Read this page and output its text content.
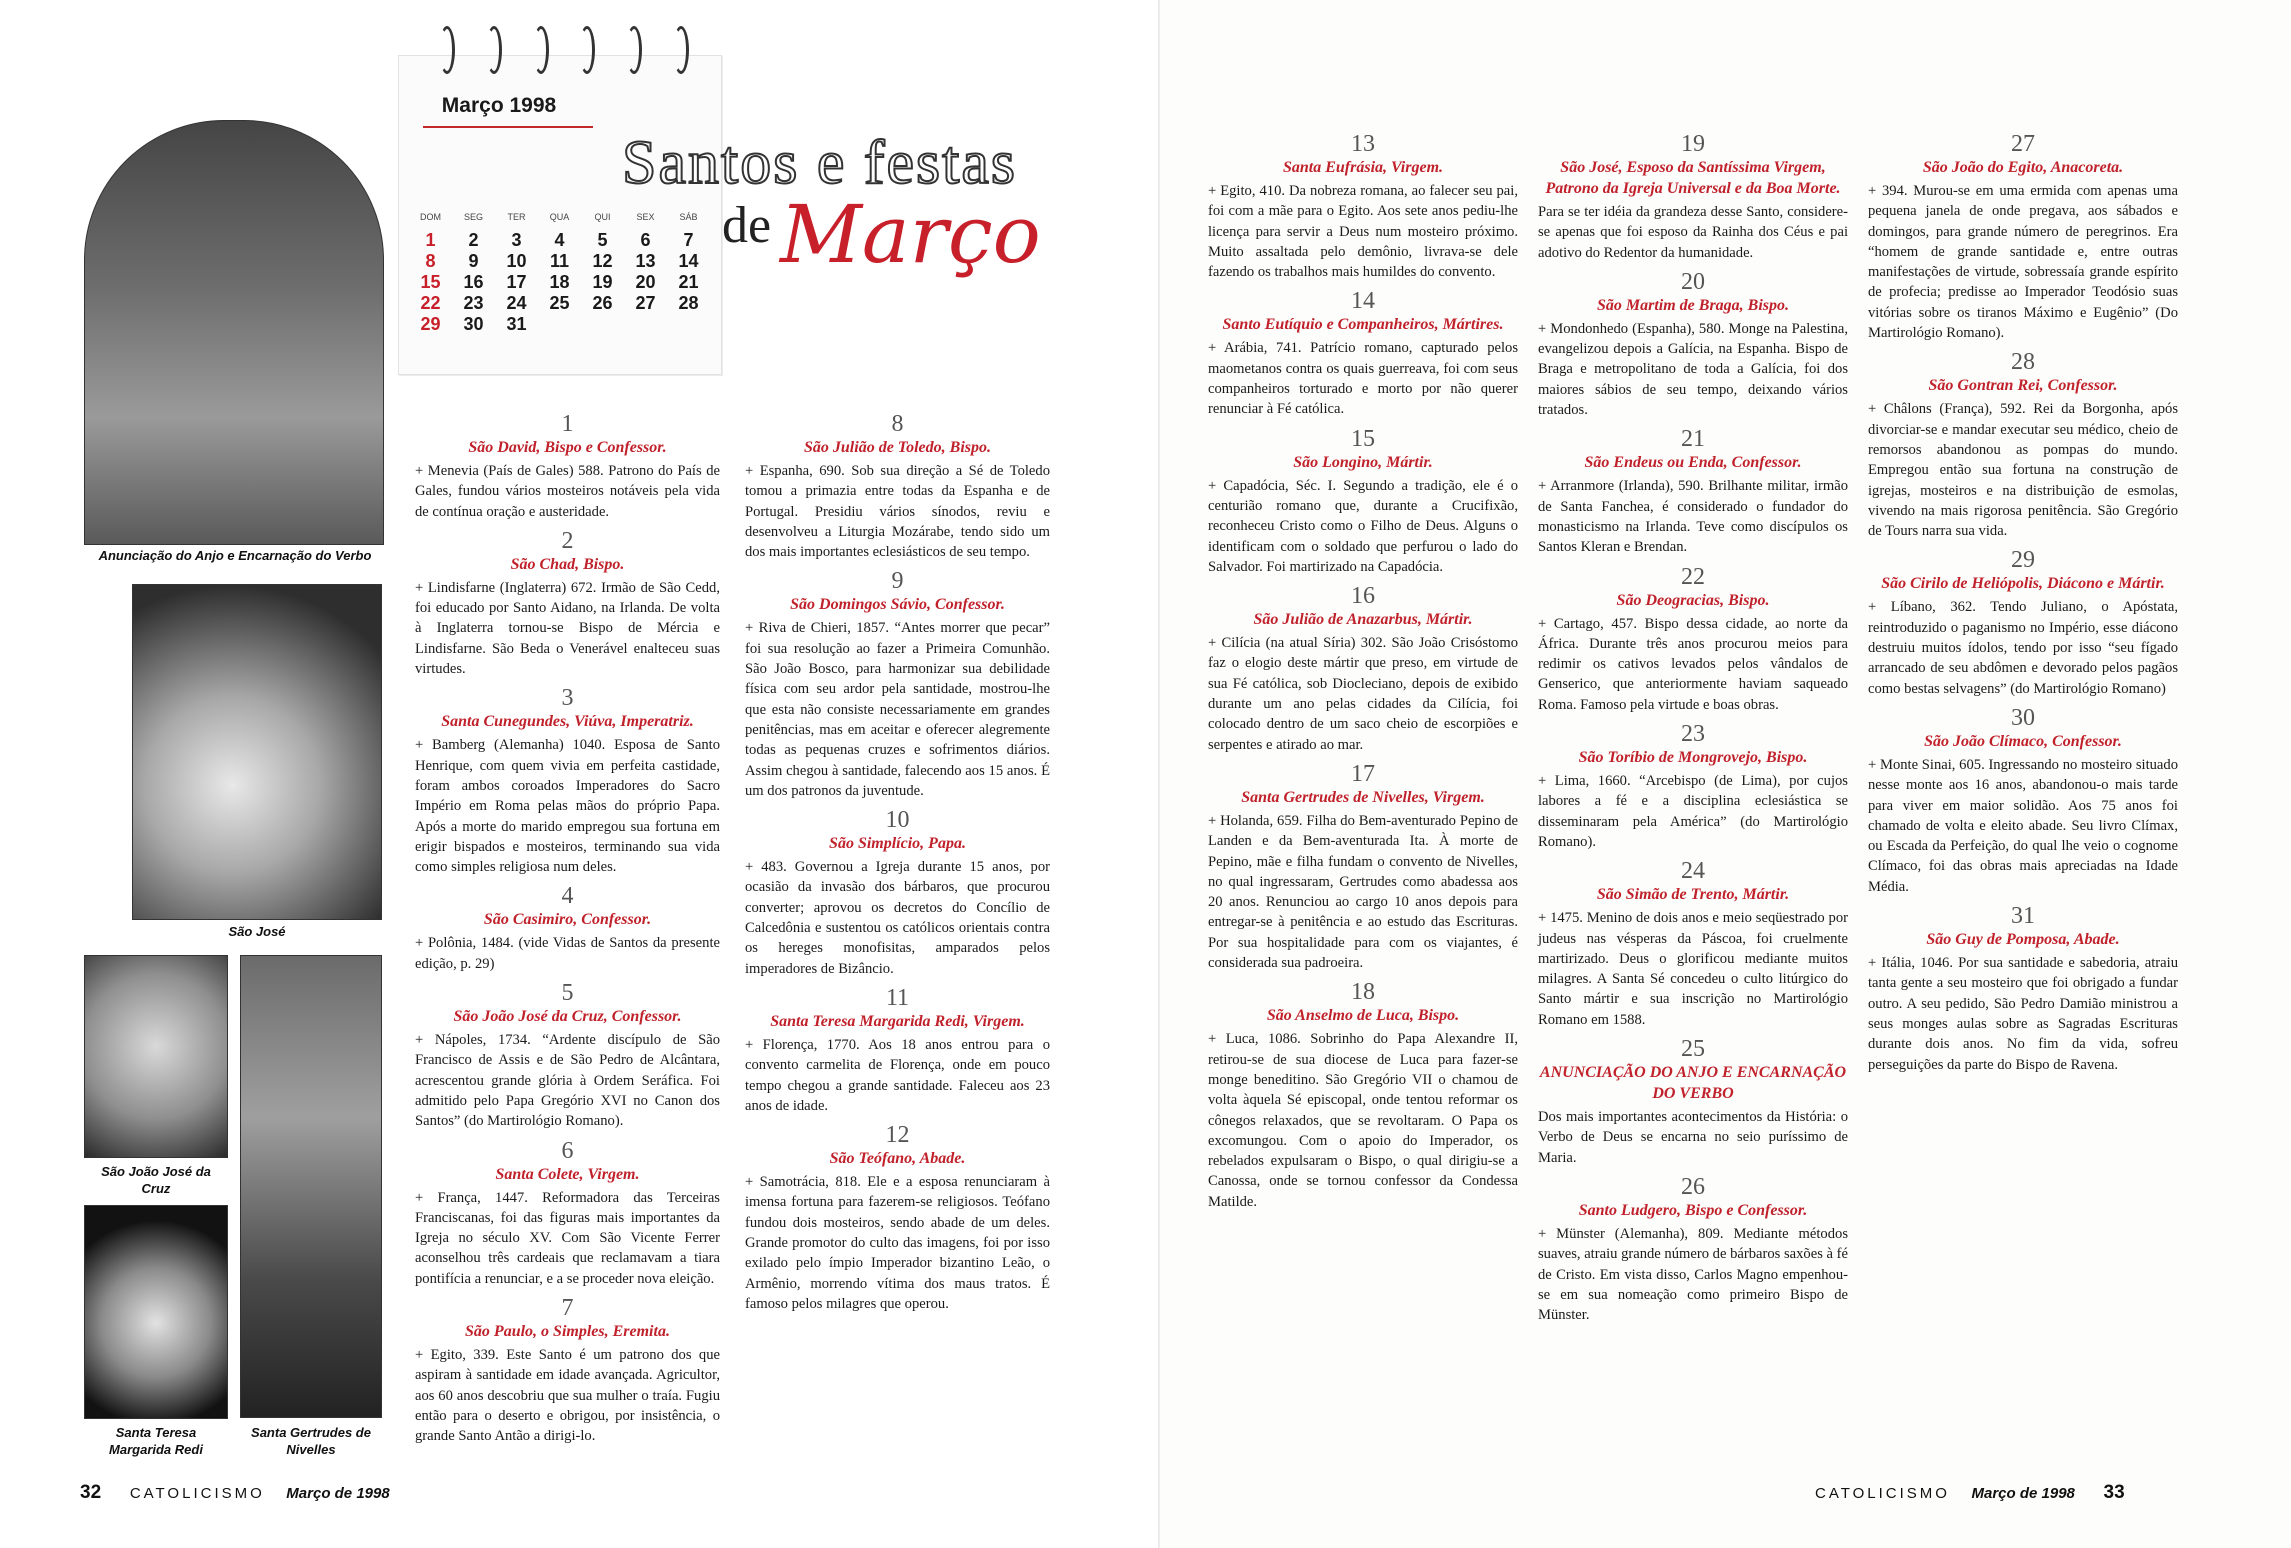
Março 1998
DOM	SEG	TER	QUA	QUI	SEX	SÁB
1	2	3	4	5	6	7
8	9	10	11	12	13	14
15	16	17	18	19	20	21
22	23	24	25	26	27	28
29	30	31
Santos e festas
de Março
Anunciação do Anjo e Encarnação do Verbo
São José
São João José da Cruz
Santa Teresa Margarida Redi
Santa Gertrudes de Nivelles
1
São David, Bispo e Confessor.
+ Menevia (País de Gales) 588. Patrono do País de Gales, fundou vários mosteiros notáveis pela vida de contínua oração e austeridade.
2
São Chad, Bispo.
+ Lindisfarne (Inglaterra) 672. Irmão de São Cedd, foi educado por Santo Aidano, na Irlanda. De volta à Inglaterra tornou-se Bispo de Mércia e Lindisfarne. São Beda o Venerável enalteceu suas virtudes.
3
Santa Cunegundes, Viúva, Imperatriz.
+ Bamberg (Alemanha) 1040. Esposa de Santo Henrique, com quem vivia em perfeita castidade, foram ambos coroados Imperadores do Sacro Império em Roma pelas mãos do próprio Papa. Após a morte do marido empregou sua fortuna em erigir bispados e mosteiros, terminando sua vida como simples religiosa num deles.
4
São Casimiro, Confessor.
+ Polônia, 1484. (vide Vidas de Santos da presente edição, p. 29)
5
São João José da Cruz, Confessor.
+ Nápoles, 1734. “Ardente discípulo de São Francisco de Assis e de São Pedro de Alcântara, acrescentou grande glória à Ordem Seráfica. Foi admitido pelo Papa Gregório XVI no Canon dos Santos” (do Martirológio Romano).
6
Santa Colete, Virgem.
+ França, 1447. Reformadora das Terceiras Franciscanas, foi das figuras mais importantes da Igreja no século XV. Com São Vicente Ferrer aconselhou três cardeais que reclamavam a tiara pontifícia a renunciar, e a se proceder nova eleição.
7
São Paulo, o Simples, Eremita.
+ Egito, 339. Este Santo é um patrono dos que aspiram à santidade em idade avançada. Agricultor, aos 60 anos descobriu que sua mulher o traía. Fugiu então para o deserto e obrigou, por insistência, o grande Santo Antão a dirigi-lo.
8
São Julião de Toledo, Bispo.
+ Espanha, 690. Sob sua direção a Sé de Toledo tomou a primazia entre todas da Espanha e de Portugal. Presidiu vários sínodos, reviu e desenvolveu a Liturgia Mozárabe, tendo sido um dos mais importantes eclesiásticos de seu tempo.
9
São Domingos Sávio, Confessor.
+ Riva de Chieri, 1857. “Antes morrer que pecar” foi sua resolução ao fazer a Primeira Comunhão. São João Bosco, para harmonizar sua debilidade física com seu ardor pela santidade, mostrou-lhe que esta não consiste necessariamente em grandes penitências, mas em aceitar e oferecer alegremente todas as pequenas cruzes e sofrimentos diários. Assim chegou à santidade, falecendo aos 15 anos. É um dos patronos da juventude.
10
São Simplício, Papa.
+ 483. Governou a Igreja durante 15 anos, por ocasião da invasão dos bárbaros, que procurou converter; aprovou os decretos do Concílio de Calcedônia e sustentou os católicos orientais contra os hereges monofisitas, amparados pelos imperadores de Bizâncio.
11
Santa Teresa Margarida Redi, Virgem.
+ Florença, 1770. Aos 18 anos entrou para o convento carmelita de Florença, onde em pouco tempo chegou a grande santidade. Faleceu aos 23 anos de idade.
12
São Teófano, Abade.
+ Samotrácia, 818. Ele e a esposa renunciaram à imensa fortuna para fazerem-se religiosos. Teófano fundou dois mosteiros, sendo abade de um deles. Grande promotor do culto das imagens, foi por isso exilado pelo ímpio Imperador bizantino Leão, o Armênio, morrendo vítima dos maus tratos. É famoso pelos milagres que operou.
32 CATOLICISMO Março de 1998
13
Santa Eufrásia, Virgem.
+ Egito, 410. Da nobreza romana, ao falecer seu pai, foi com a mãe para o Egito. Aos sete anos pediu-lhe licença para servir a Deus num mosteiro próximo. Muito assaltada pelo demônio, livrava-se dele fazendo os trabalhos mais humildes do convento.
14
Santo Eutíquio e Companheiros, Mártires.
+ Arábia, 741. Patrício romano, capturado pelos maometanos contra os quais guerreava, foi com seus companheiros torturado e morto por não querer renunciar à Fé católica.
15
São Longino, Mártir.
+ Capadócia, Séc. I. Segundo a tradição, ele é o centurião romano que, durante a Crucifixão, reconheceu Cristo como o Filho de Deus. Alguns o identificam com o soldado que perfurou o lado do Salvador. Foi martirizado na Capadócia.
16
São Julião de Anazarbus, Mártir.
+ Cilícia (na atual Síria) 302. São João Crisóstomo faz o elogio deste mártir que preso, em virtude de sua Fé católica, sob Diocleciano, depois de exibido durante um ano pelas cidades da Cilícia, foi colocado dentro de um saco cheio de escorpiões e serpentes e atirado ao mar.
17
Santa Gertrudes de Nivelles, Virgem.
+ Holanda, 659. Filha do Bem-aventurado Pepino de Landen e da Bem-aventurada Ita. À morte de Pepino, mãe e filha fundam o convento de Nivelles, no qual ingressaram, Gertrudes como abadessa aos 20 anos. Renunciou ao cargo 10 anos depois para entregar-se à penitência e ao estudo das Escrituras. Por sua hospitalidade para com os viajantes, é considerada sua padroeira.
18
São Anselmo de Luca, Bispo.
+ Luca, 1086. Sobrinho do Papa Alexandre II, retirou-se de sua diocese de Luca para fazer-se monge beneditino. São Gregório VII o chamou de volta àquela Sé episcopal, onde tentou reformar os cônegos relaxados, que se revoltaram. O Papa os excomungou. Com o apoio do Imperador, os rebelados expulsaram o Bispo, o qual dirigiu-se a Canossa, onde se tornou confessor da Condessa Matilde.
19
São José, Esposo da Santíssima Virgem, Patrono da Igreja Universal e da Boa Morte.
Para se ter idéia da grandeza desse Santo, considere-se apenas que foi esposo da Rainha dos Céus e pai adotivo do Redentor da humanidade.
20
São Martim de Braga, Bispo.
+ Mondonhedo (Espanha), 580. Monge na Palestina, evangelizou depois a Galícia, na Espanha. Bispo de Braga e metropolitano de toda a Galícia, foi dos maiores sábios de seu tempo, deixando vários tratados.
21
São Endeus ou Enda, Confessor.
+ Arranmore (Irlanda), 590. Brilhante militar, irmão de Santa Fanchea, é considerado o fundador do monasticismo na Irlanda. Teve como discípulos os Santos Kleran e Brendan.
22
São Deogracias, Bispo.
+ Cartago, 457. Bispo dessa cidade, ao norte da África. Durante três anos procurou meios para redimir os cativos levados pelos vândalos de Genserico, que anteriormente haviam saqueado Roma. Famoso pela virtude e boas obras.
23
São Toríbio de Mongrovejo, Bispo.
+ Lima, 1660. “Arcebispo (de Lima), por cujos labores a fé e a disciplina eclesiástica se disseminaram pela América” (do Martirológio Romano).
24
São Simão de Trento, Mártir.
+ 1475. Menino de dois anos e meio seqüestrado por judeus nas vésperas da Páscoa, foi cruelmente martirizado. Deus o glorificou mediante muitos milagres. A Santa Sé concedeu o culto litúrgico do Santo mártir e sua inscrição no Martirológio Romano em 1588.
25
ANUNCIAÇÃO DO ANJO E ENCARNAÇÃO DO VERBO
Dos mais importantes acontecimentos da História: o Verbo de Deus se encarna no seio puríssimo de Maria.
26
Santo Ludgero, Bispo e Confessor.
+ Münster (Alemanha), 809. Mediante métodos suaves, atraiu grande número de bárbaros saxões à fé de Cristo. Em vista disso, Carlos Magno empenhou-se em sua nomeação como primeiro Bispo de Münster.
27
São João do Egito, Anacoreta.
+ 394. Murou-se em uma ermida com apenas uma pequena janela de onde pregava, aos sábados e domingos, para grande número de peregrinos. Era “homem de grande santidade e, entre outras manifestações de virtude, sobressaía grande espírito de profecia; predisse ao Imperador Teodósio suas vitórias sobre os tiranos Máximo e Eugênio” (Do Martirológio Romano).
28
São Gontran Rei, Confessor.
+ Châlons (França), 592. Rei da Borgonha, após divorciar-se e mandar executar seu médico, cheio de remorsos abandonou as pompas do mundo. Empregou então sua fortuna na construção de igrejas, mosteiros e na distribuição de esmolas, vivendo na mais rigorosa penitência. São Gregório de Tours narra sua vida.
29
São Cirilo de Heliópolis, Diácono e Mártir.
+ Líbano, 362. Tendo Juliano, o Apóstata, reintroduzido o paganismo no Império, esse diácono destruiu muitos ídolos, tendo por isso “seu fígado arrancado de seu abdômen e devorado pelos pagãos como bestas selvagens” (do Martirológio Romano)
30
São João Clímaco, Confessor.
+ Monte Sinai, 605. Ingressando no mosteiro situado nesse monte aos 16 anos, abandonou-o mais tarde para viver em maior solidão. Aos 75 anos foi chamado de volta e eleito abade. Seu livro Clímax, ou Escada da Perfeição, do qual lhe veio o cognome Clímaco, foi das obras mais apreciadas na Idade Média.
31
São Guy de Pomposa, Abade.
+ Itália, 1046. Por sua santidade e sabedoria, atraiu tanta gente a seu mosteiro que foi obrigado a fundar outro. A seu pedido, São Pedro Damião ministrou a seus monges aulas sobre as Sagradas Escrituras durante dois anos. No fim da vida, sofreu perseguições da parte do Bispo de Ravena.
CATOLICISMO Março de 1998 33
